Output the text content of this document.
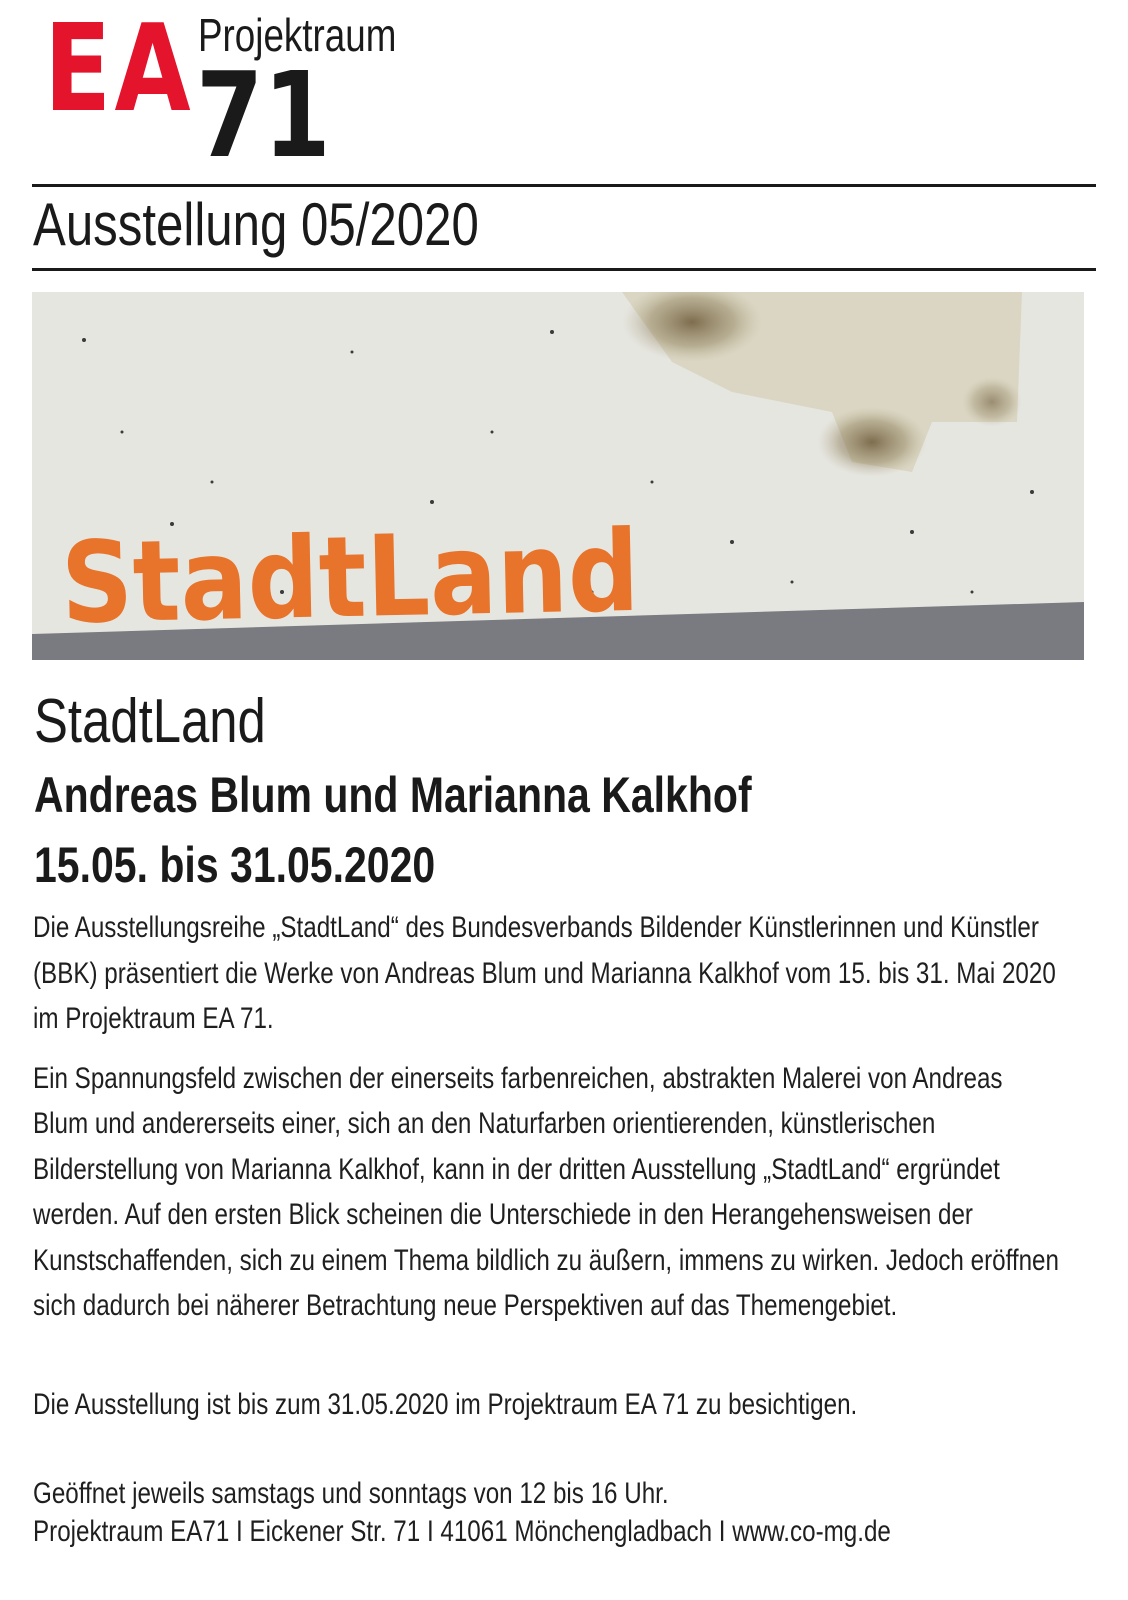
EA Projektraum
71
Ausstellung 05/2020
StadtLand
StadtLand
Andreas Blum und Marianna Kalkhof
15.05. bis 31.05.2020

Die Ausstellungsreihe „StadtLand“ des Bundesverbands Bildender Künstlerinnen und Künstler (BBK) präsentiert die Werke von Andreas Blum und Marianna Kalkhof vom 15. bis 31. Mai 2020 im Projektraum EA 71.

Ein Spannungsfeld zwischen der einerseits farbenreichen, abstrakten Malerei von Andreas Blum und andererseits einer, sich an den Naturfarben orientierenden, künstlerischen Bilderstellung von Marianna Kalkhof, kann in der dritten Ausstellung „StadtLand“ ergründet werden. Auf den ersten Blick scheinen die Unterschiede in den Herangehensweisen der Kunstschaffenden, sich zu einem Thema bildlich zu äußern, immens zu wirken. Jedoch eröffnen sich dadurch bei näherer Betrachtung neue Perspektiven auf das Themengebiet.

Die Ausstellung ist bis zum 31.05.2020 im Projektraum EA 71 zu besichtigen.
Geöffnet jeweils samstags und sonntags von 12 bis 16 Uhr.
Projektraum EA71 I Eickener Str. 71 I 41061 Mönchengladbach I www.co-mg.de
